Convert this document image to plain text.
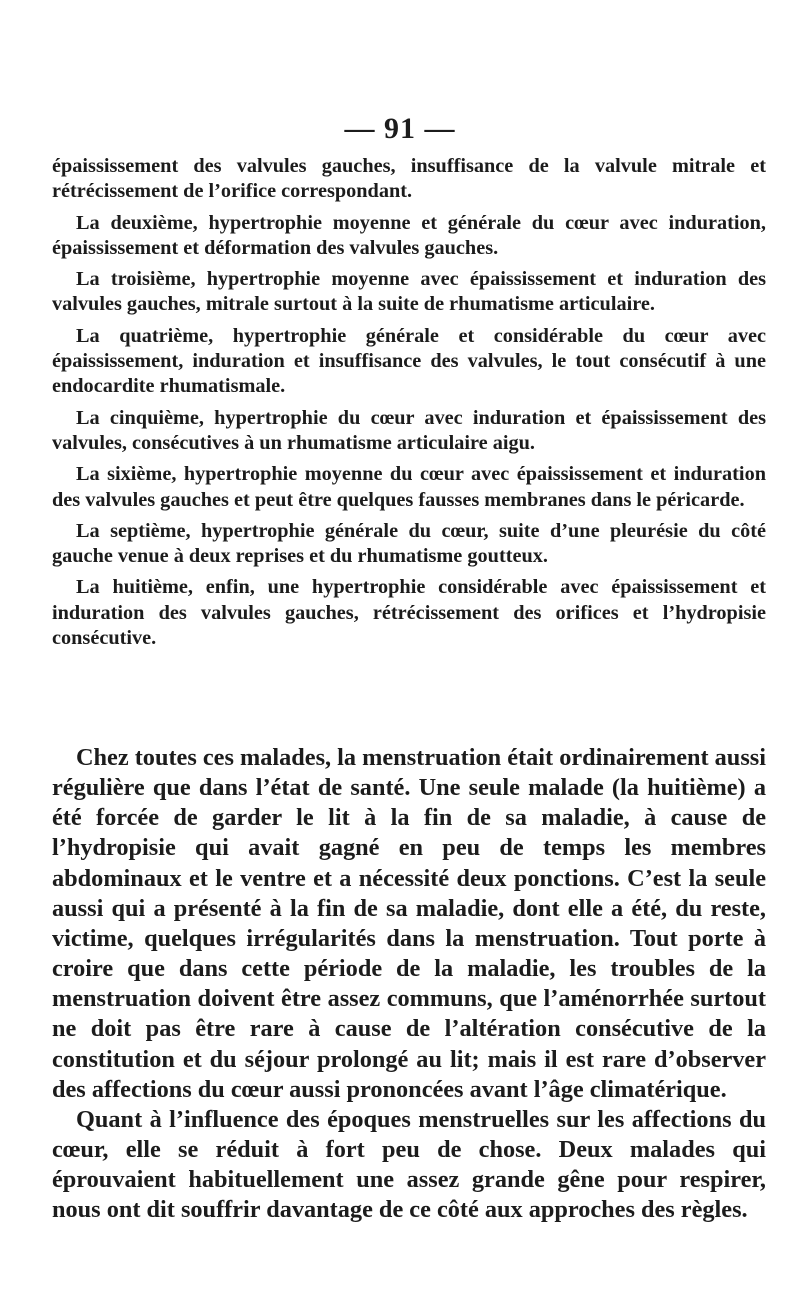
— 91 —

épaississement des valvules gauches, insuffisance de la valvule mitrale et rétrécissement de l’orifice correspondant.

La deuxième, hypertrophie moyenne et générale du cœur avec induration, épaississement et déformation des valvules gauches.

La troisième, hypertrophie moyenne avec épaississement et induration des valvules gauches, mitrale surtout à la suite de rhumatisme articulaire.

La quatrième, hypertrophie générale et considérable du cœur avec épaississement, induration et insuffisance des valvules, le tout consécutif à une endocardite rhumatismale.

La cinquième, hypertrophie du cœur avec induration et épaississement des valvules, consécutives à un rhumatisme articulaire aigu.

La sixième, hypertrophie moyenne du cœur avec épaississement et induration des valvules gauches et peut être quelques fausses membranes dans le péricarde.

La septième, hypertrophie générale du cœur, suite d’une pleurésie du côté gauche venue à deux reprises et du rhumatisme goutteux.

La huitième, enfin, une hypertrophie considérable avec épaississement et induration des valvules gauches, rétrécissement des orifices et l’hydropisie consécutive.

Chez toutes ces malades, la menstruation était ordinairement aussi régulière que dans l’état de santé. Une seule malade (la huitième) a été forcée de garder le lit à la fin de sa maladie, à cause de l’hydropisie qui avait gagné en peu de temps les membres abdominaux et le ventre et a nécessité deux ponctions. C’est la seule aussi qui a présenté à la fin de sa maladie, dont elle a été, du reste, victime, quelques irrégularités dans la menstruation. Tout porte à croire que dans cette période de la maladie, les troubles de la menstruation doivent être assez communs, que l’aménorrhée surtout ne doit pas être rare à cause de l’altération consécutive de la constitution et du séjour prolongé au lit; mais il est rare d’observer des affections du cœur aussi prononcées avant l’âge climatérique.

Quant à l’influence des époques menstruelles sur les affections du cœur, elle se réduit à fort peu de chose. Deux malades qui éprouvaient habituellement une assez grande gêne pour respirer, nous ont dit souffrir davantage de ce côté aux approches des règles.
